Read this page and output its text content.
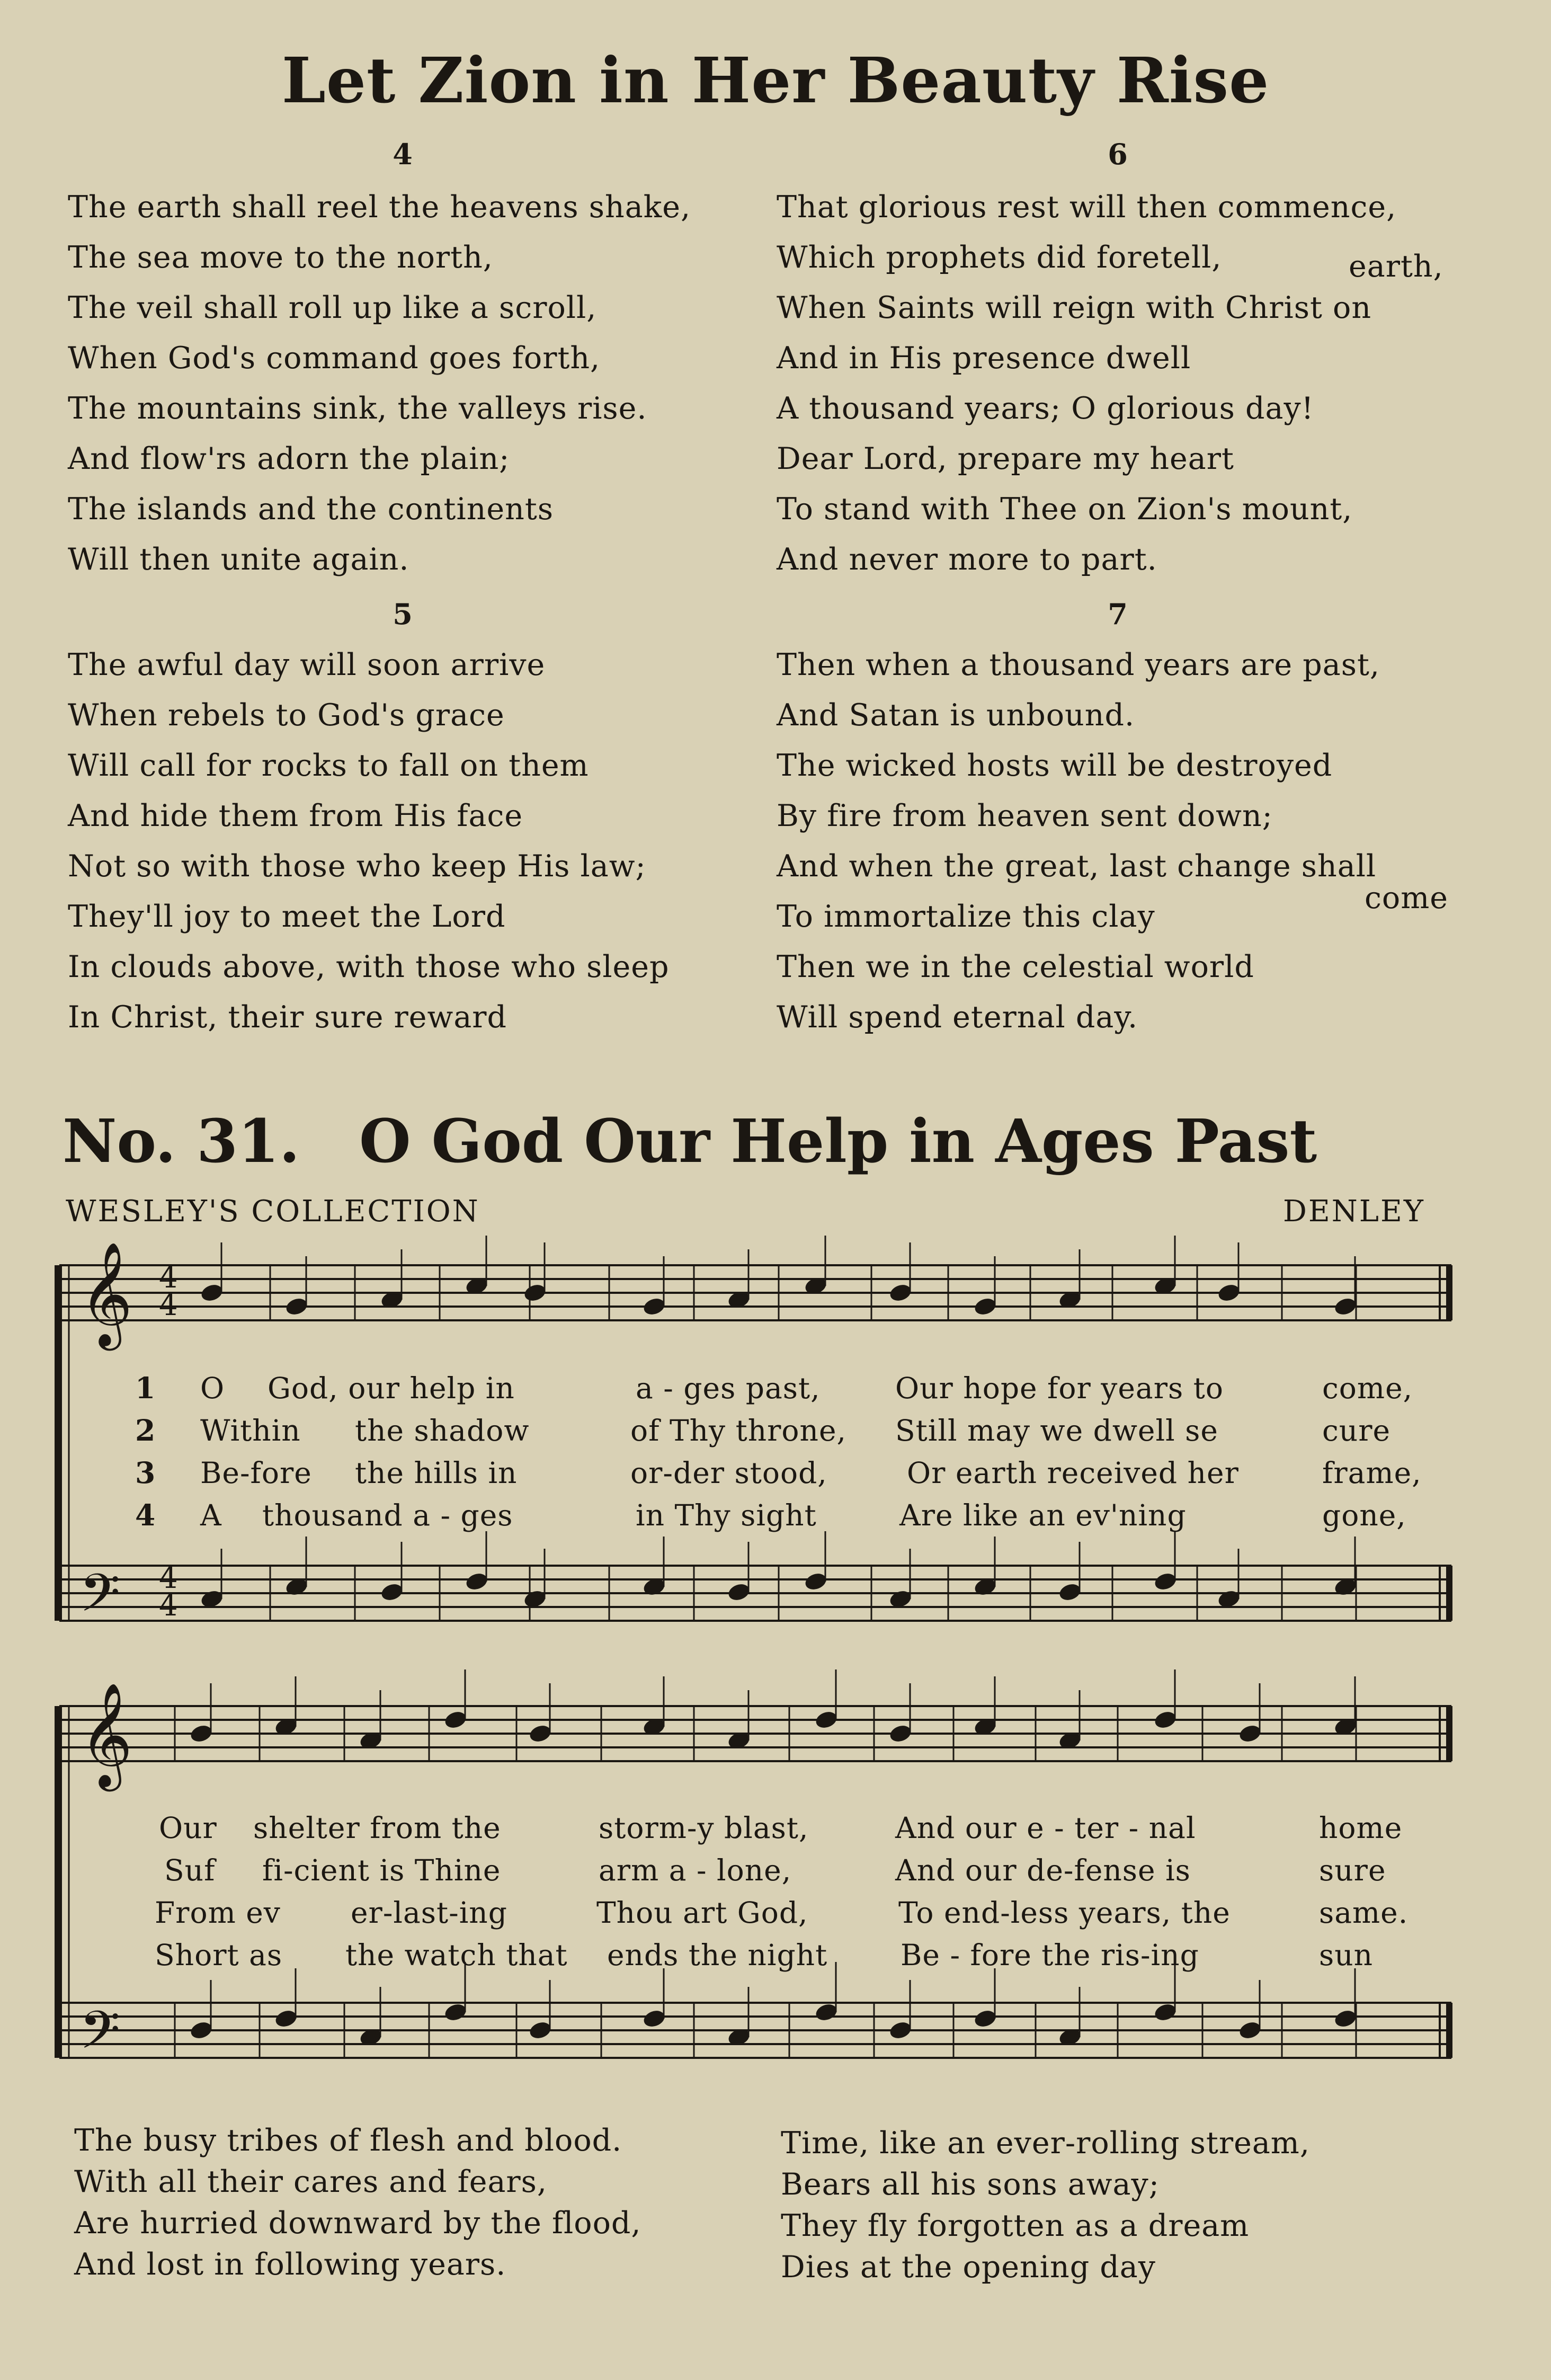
Let Zion in Her Beauty Rise
4
The earth shall reel the heavens shake,
The sea move to the north,
The veil shall roll up like a scroll,
When God's command goes forth,
The mountains sink, the valleys rise.
And flow'rs adorn the plain;
The islands and the continents
Will then unite again.
5
The awful day will soon arrive
When rebels to God's grace
Will call for rocks to fall on them
And hide them from His face
Not so with those who keep His law;
They'll joy to meet the Lord
In clouds above, with those who sleep
In Christ, their sure reward
6
That glorious rest will then commence,
Which prophets did foretell,
When Saints will reign with Christ on
And in His presence dwell
A thousand years; O glorious day!
Dear Lord, prepare my heart
To stand with Thee on Zion's mount,
And never more to part.
earth,
7
Then when a thousand years are past,
And Satan is unbound.
The wicked hosts will be destroyed
By fire from heaven sent down;
And when the great, last change shall
To immortalize this clay
Then we in the celestial world
Will spend eternal day.
come
No. 31. O God Our Help in Ages Past
WESLEY'S COLLECTION	DENLEY
𝄞
𝄢
𝄞
𝄢
4
4
4
4
1
2
3
4
O God, our help in	a - ges past,	Our hope for years to	come,
Within the shadow	of Thy throne, Still may we dwell se	cure
Be-fore the hills in	or-der stood,	Or earth received her	frame,
A thousand a - ges	in Thy sight	Are like an ev'ning	gone,
Our shelter from the	storm-y blast,	And our e - ter - nal	home
Suf fi-cient is Thine	arm a - lone,	And our de-fense is	sure
From ev er-last-ing	Thou art God,	To end-less years, the	same.
Short as the watch that ends the night	Be - fore the ris-ing	sun
The busy tribes of flesh and blood.
With all their cares and fears,
Are hurried downward by the flood,
And lost in following years.
Time, like an ever-rolling stream,
Bears all his sons away;
They fly forgotten as a dream
Dies at the opening day
